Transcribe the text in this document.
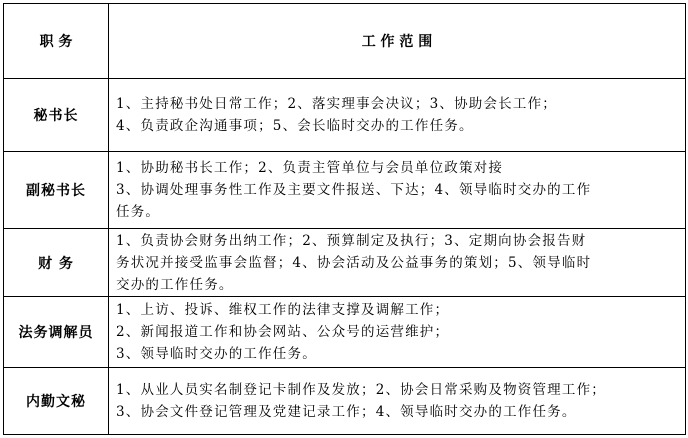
职 务	工 作 范 围
秘书长	1、主持秘书处日常工作；2、落实理事会决议；3、协助会长工作；
4、负责政企沟通事项；5、会长临时交办的工作任务。

副秘书长	1、协助秘书长工作；2、负责主管单位与会员单位政策对接
3、协调处理事务性工作及主要文件报送、下达；4、领导临时交办的工作
任务。

财 务	1、负责协会财务出纳工作；2、预算制定及执行；3、定期向协会报告财
务状况并接受监事会监督；4、协会活动及公益事务的策划；5、领导临时
交办的工作任务。

法务调解员	1、上访、投诉、维权工作的法律支撑及调解工作；
2、新闻报道工作和协会网站、公众号的运营维护；
3、领导临时交办的工作任务。

内勤文秘	1、从业人员实名制登记卡制作及发放；2、协会日常采购及物资管理工作；
3、协会文件登记管理及党建记录工作；4、领导临时交办的工作任务。
